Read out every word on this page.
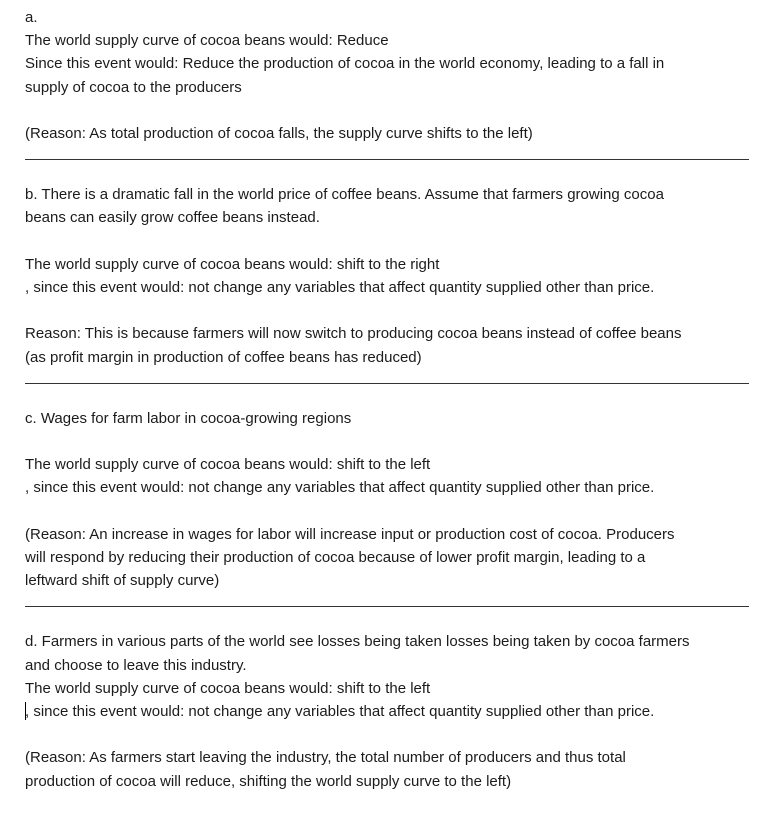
a.
The world supply curve of cocoa beans would: Reduce
Since this event would: Reduce the production of cocoa in the world economy, leading to a fall in
supply of cocoa to the producers
(Reason: As total production of cocoa falls, the supply curve shifts to the left)
b. There is a dramatic fall in the world price of coffee beans. Assume that farmers growing cocoa
beans can easily grow coffee beans instead.
The world supply curve of cocoa beans would: shift to the right
, since this event would: not change any variables that affect quantity supplied other than price.
Reason: This is because farmers will now switch to producing cocoa beans instead of coffee beans
(as profit margin in production of coffee beans has reduced)
c. Wages for farm labor in cocoa-growing regions
The world supply curve of cocoa beans would: shift to the left
, since this event would: not change any variables that affect quantity supplied other than price.
(Reason: An increase in wages for labor will increase input or production cost of cocoa. Producers
will respond by reducing their production of cocoa because of lower profit margin, leading to a
leftward shift of supply curve)
d. Farmers in various parts of the world see losses being taken losses being taken by cocoa farmers
and choose to leave this industry.
The world supply curve of cocoa beans would: shift to the left
, since this event would: not change any variables that affect quantity supplied other than price.
(Reason: As farmers start leaving the industry, the total number of producers and thus total
production of cocoa will reduce, shifting the world supply curve to the left)
